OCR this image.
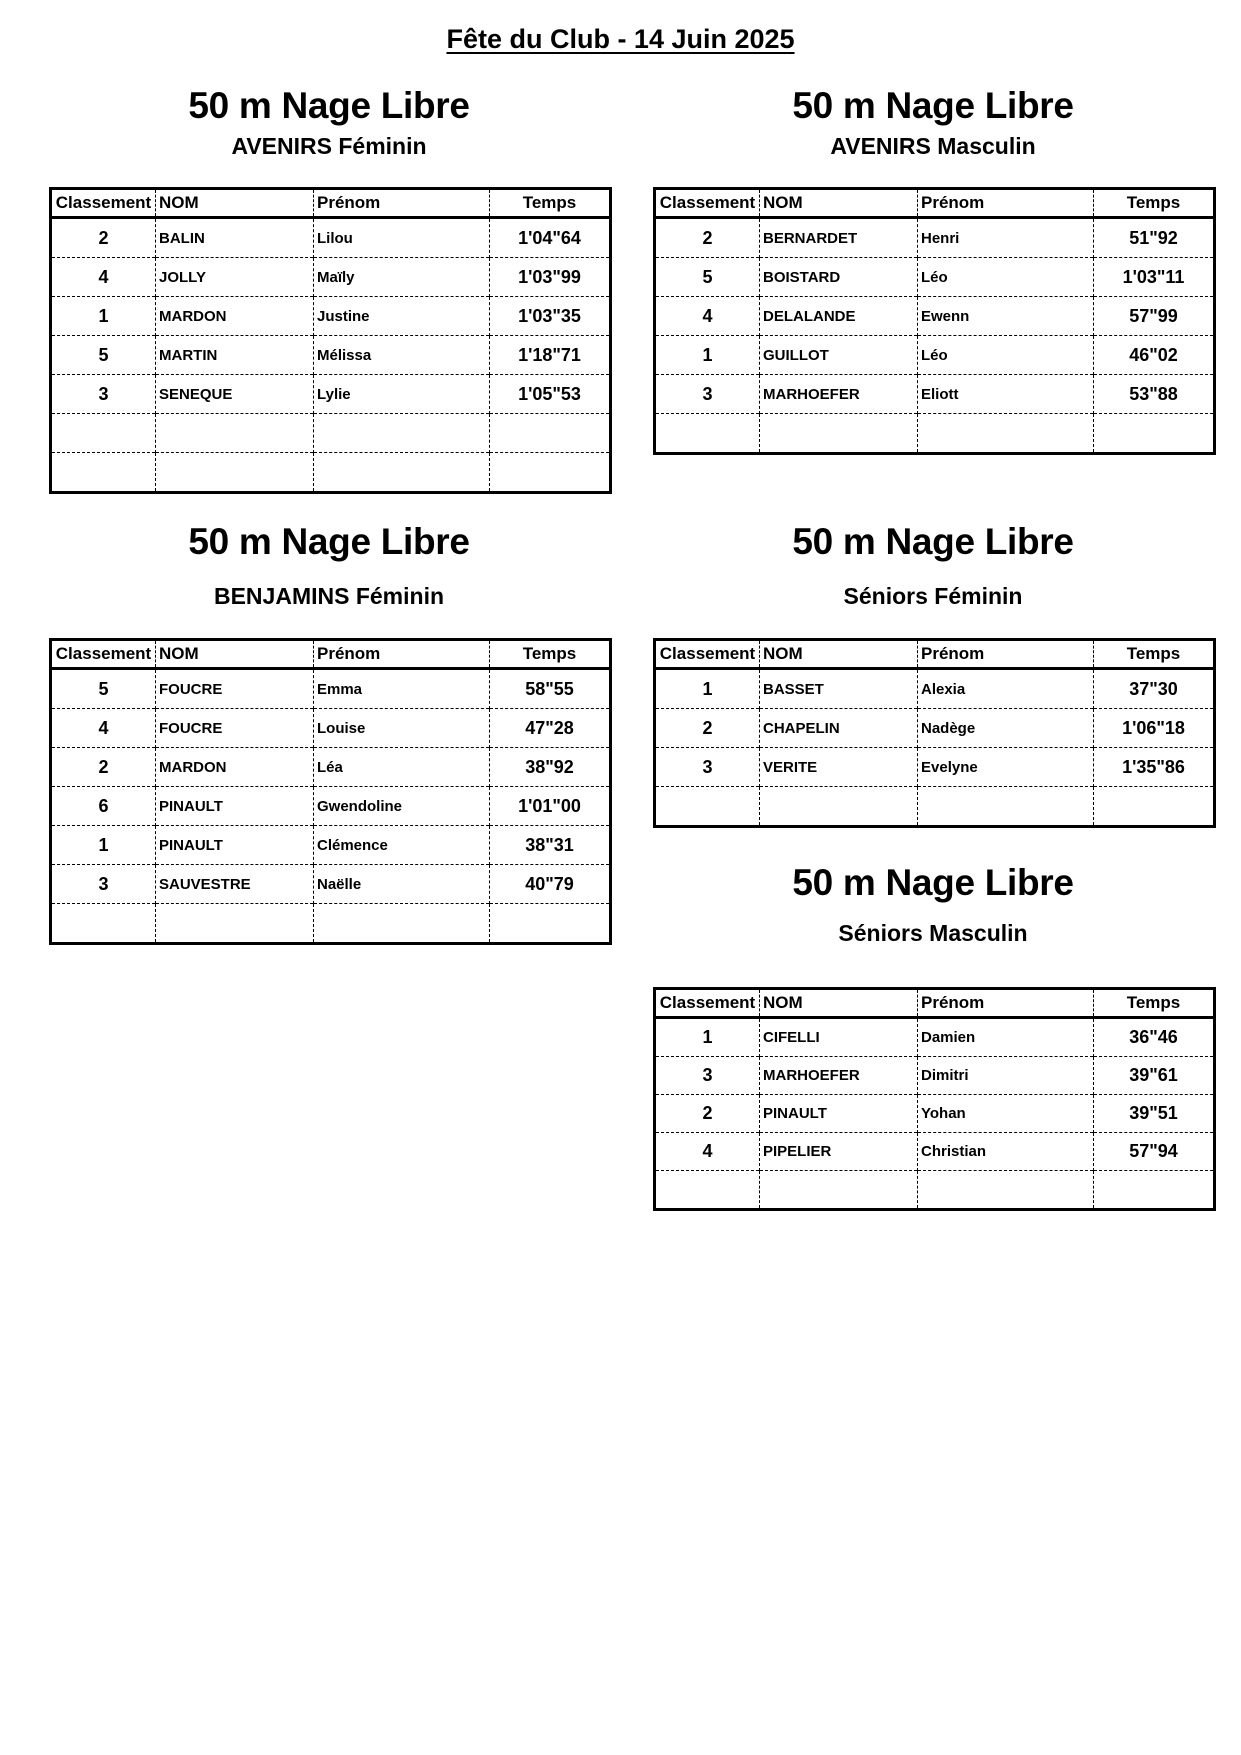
Fête du Club - 14 Juin 2025
50 m Nage Libre
AVENIRS Féminin
Classement	NOM	Prénom	Temps
2	BALIN	Lilou	1'04"64
4	JOLLY	Maïly	1'03"99
1	MARDON	Justine	1'03"35
5	MARTIN	Mélissa	1'18"71
3	SENEQUE	Lylie	1'05"53

50 m Nage Libre
AVENIRS Masculin
Classement	NOM	Prénom	Temps
2	BERNARDET	Henri	51"92
5	BOISTARD	Léo	1'03"11
4	DELALANDE	Ewenn	57"99
1	GUILLOT	Léo	46"02
3	MARHOEFER	Eliott	53"88

50 m Nage Libre
BENJAMINS Féminin
Classement	NOM	Prénom	Temps
5	FOUCRE	Emma	58"55
4	FOUCRE	Louise	47"28
2	MARDON	Léa	38"92
6	PINAULT	Gwendoline	1'01"00
1	PINAULT	Clémence	38"31
3	SAUVESTRE	Naëlle	40"79

50 m Nage Libre
Séniors Féminin
Classement	NOM	Prénom	Temps
1	BASSET	Alexia	37"30
2	CHAPELIN	Nadège	1'06"18
3	VERITE	Evelyne	1'35"86

50 m Nage Libre
Séniors Masculin
Classement	NOM	Prénom	Temps
1	CIFELLI	Damien	36"46
3	MARHOEFER	Dimitri	39"61
2	PINAULT	Yohan	39"51
4	PIPELIER	Christian	57"94
